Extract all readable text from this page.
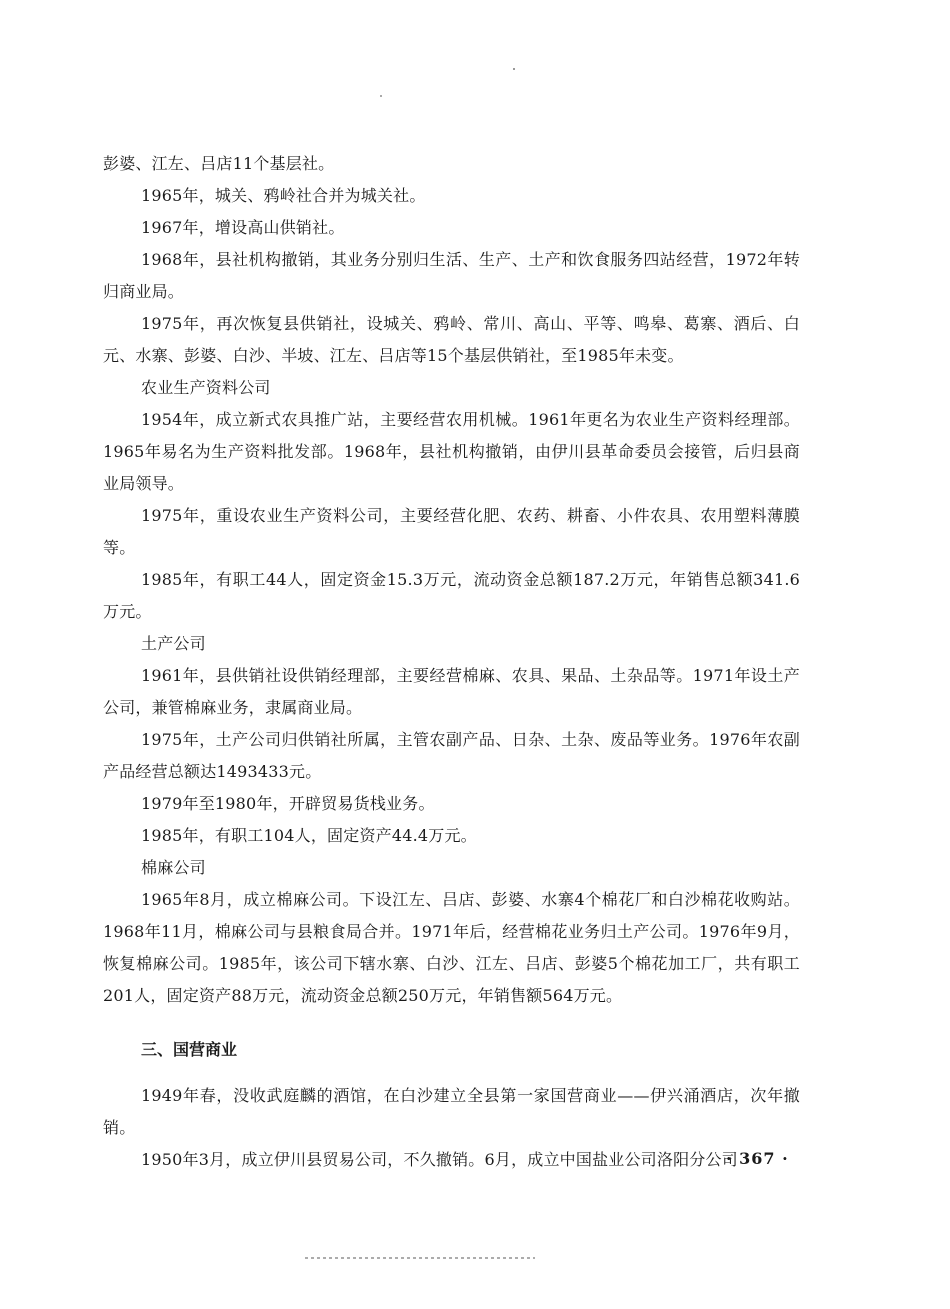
彭婆、江左、吕店11个基层社。

1965年，城关、鸦岭社合并为城关社。

1967年，增设高山供销社。

1968年，县社机构撤销，其业务分别归生活、生产、土产和饮食服务四站经营，1972年转归商业局。

1975年，再次恢复县供销社，设城关、鸦岭、常川、高山、平等、鸣皋、葛寨、酒后、白元、水寨、彭婆、白沙、半坡、江左、吕店等15个基层供销社，至1985年未变。

农业生产资料公司

1954年，成立新式农具推广站，主要经营农用机械。1961年更名为农业生产资料经理部。1965年易名为生产资料批发部。1968年，县社机构撤销，由伊川县革命委员会接管，后归县商业局领导。

1975年，重设农业生产资料公司，主要经营化肥、农药、耕畜、小件农具、农用塑料薄膜等。

1985年，有职工44人，固定资金15.3万元，流动资金总额187.2万元，年销售总额341.6万元。

土产公司

1961年，县供销社设供销经理部，主要经营棉麻、农具、果品、土杂品等。1971年设土产公司，兼管棉麻业务，隶属商业局。

1975年，土产公司归供销社所属，主管农副产品、日杂、土杂、废品等业务。1976年农副产品经营总额达1493433元。

1979年至1980年，开辟贸易货栈业务。

1985年，有职工104人，固定资产44.4万元。

棉麻公司

1965年8月，成立棉麻公司。下设江左、吕店、彭婆、水寨4个棉花厂和白沙棉花收购站。1968年11月，棉麻公司与县粮食局合并。1971年后，经营棉花业务归土产公司。1976年9月，恢复棉麻公司。1985年，该公司下辖水寨、白沙、江左、吕店、彭婆5个棉花加工厂，共有职工201人，固定资产88万元，流动资金总额250万元，年销售额564万元。

三、国营商业

1949年春，没收武庭麟的酒馆，在白沙建立全县第一家国营商业——伊兴涌酒店，次年撤销。

1950年3月，成立伊川县贸易公司，不久撤销。6月，成立中国盐业公司洛阳分公司

· 367 ·
